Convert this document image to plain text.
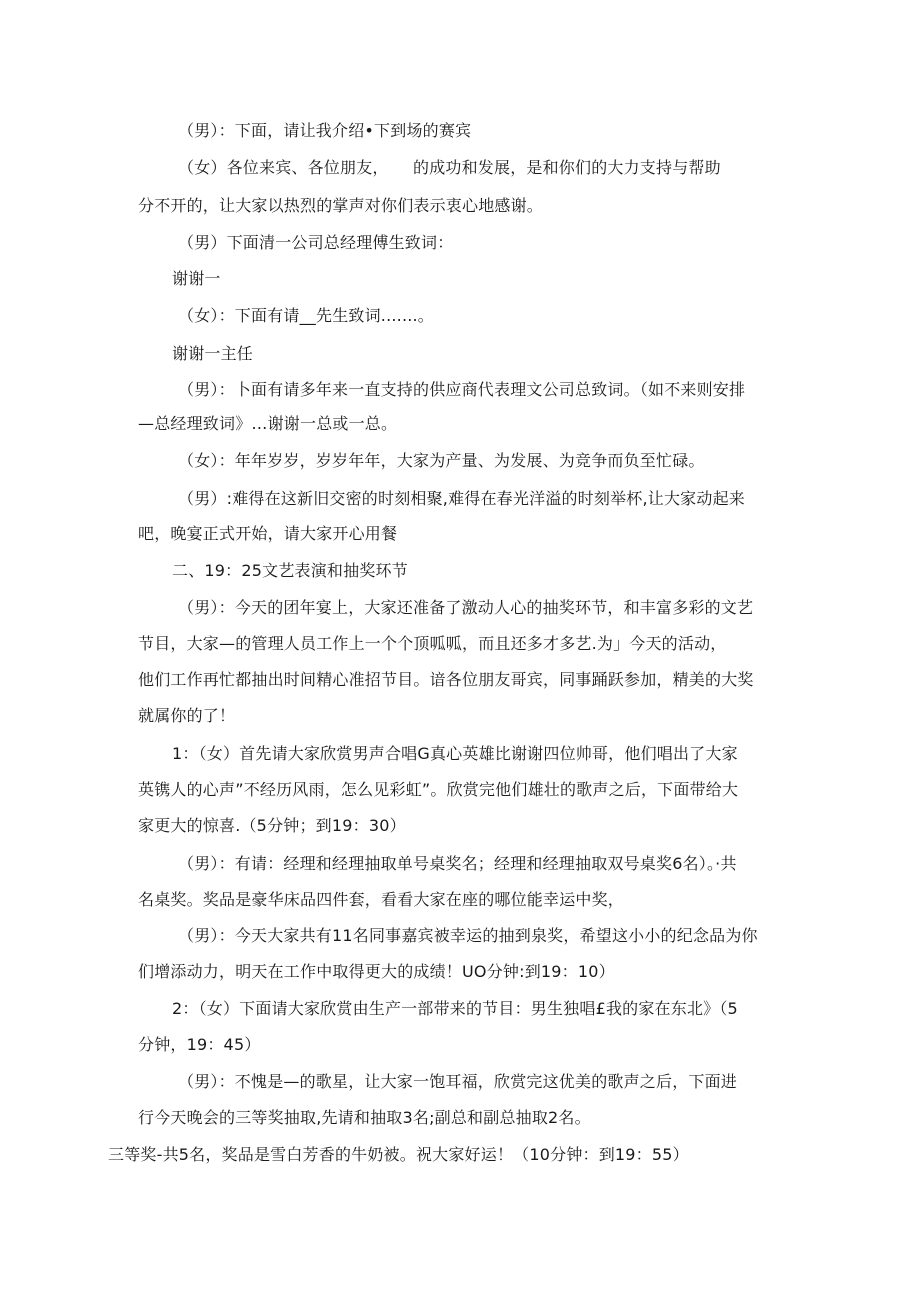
（男）：下面，请让我介绍•下到场的赛宾
（女）各位来宾、各位朋友，　　的成功和发展，是和你们的大力支持与帮助
分不开的，让大家以热烈的掌声对你们表示衷心地感谢。
（男）下面清一公司总经理傅生致词：
谢谢一
（女）：下面有请__先生致词.......。
谢谢一主任
（男）：卜面有请多年来一直支持的供应商代表理文公司总致词。（如不来则安排
—总经理致词》…谢谢一总或一总。
（女）：年年岁岁，岁岁年年，大家为产量、为发展、为竞争而负至忙碌。
（男）:难得在这新旧交密的时刻相聚,难得在春光洋溢的时刻举杯,让大家动起来
吧，晚宴正式开始，请大家开心用餐
二、19：25文艺表演和抽奖环节
（男）：今天的团年宴上，大家还准备了激动人心的抽奖环节，和丰富多彩的文艺
节目，大家—的管理人员工作上一个个顶呱呱，而且还多才多艺.为」今天的活动，
他们工作再忙都抽出时间精心准招节目。谙各位朋友哥宾，同事踊跃参加，精美的大奖
就属你的了！
1：（女）首先请大家欣赏男声合唱G真心英雄比谢谢四位帅哥，他们唱出了大家
英镌人的心声”不经历风雨，怎么见彩虹”。欣赏完他们雄壮的歌声之后，下面带给大
家更大的惊喜.（5分钟；到19：30）
（男）：有请：经理和经理抽取单号桌奖名；经理和经理抽取双号桌奖6名）。·共
名桌奖。奖品是豪华床品四件套，看看大家在座的哪位能幸运中奖，
（男）：今天大家共有11名同事嘉宾被幸运的抽到泉奖，希望这小小的纪念品为你
们增添动力，明天在工作中取得更大的成绩！UO分钟:到19：10）
2：（女）下面请大家欣赏由生产一部带来的节目：男生独唱£我的家在东北》（5
分钟，19：45）
（男）：不愧是—的歌星，让大家一饱耳福，欣赏完这优美的歌声之后，下面进
行今天晚会的三等奖抽取,先请和抽取3名;副总和副总抽取2名。
三等奖-共5名，奖品是雪白芳香的牛奶被。祝大家好运！（10分钟：到19：55）
